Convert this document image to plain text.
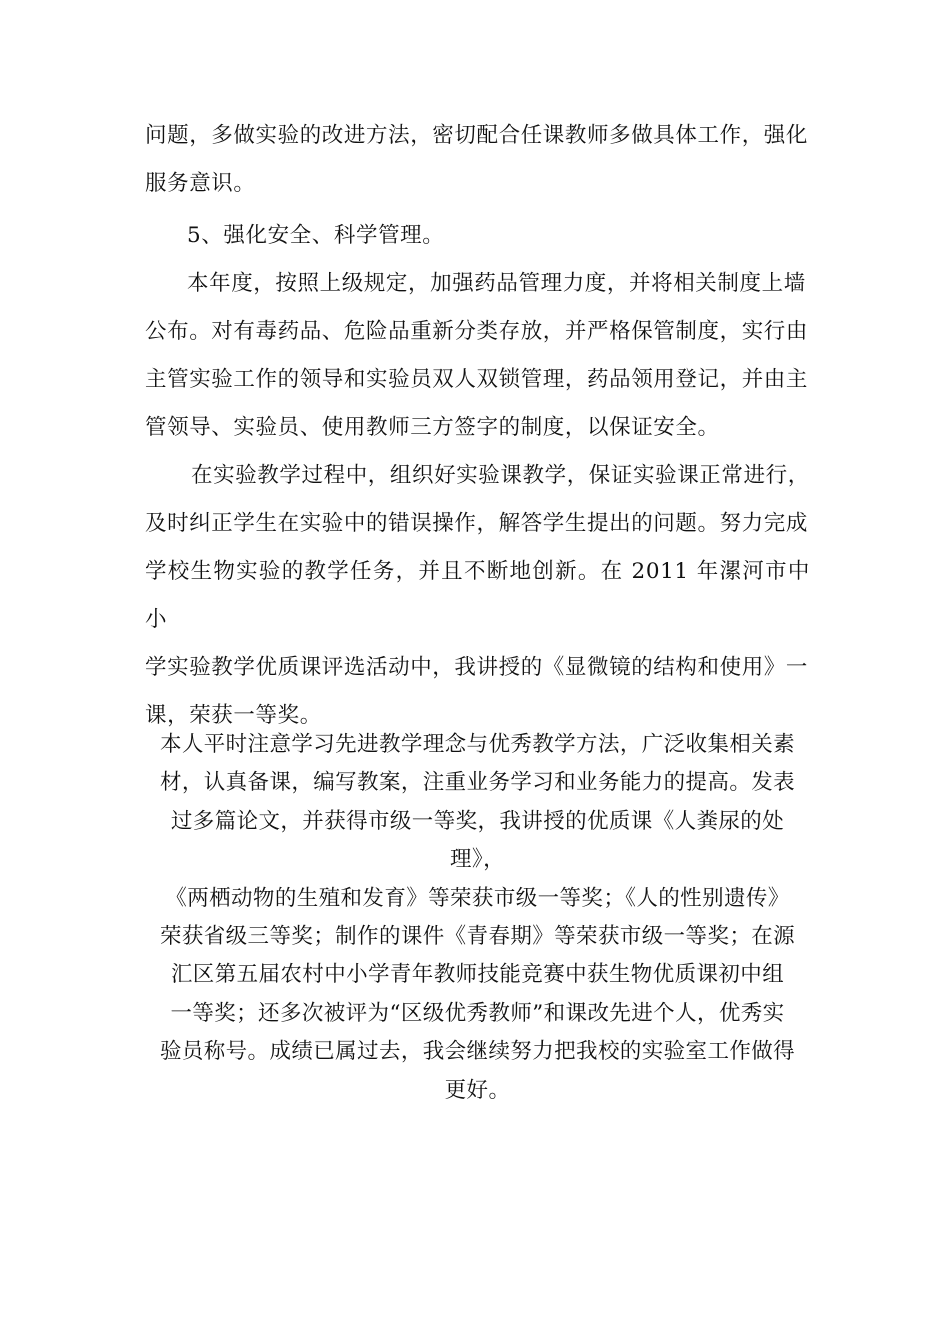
问题，多做实验的改进方法，密切配合任课教师多做具体工作，强化

服务意识。

5、强化安全、科学管理。

本年度，按照上级规定，加强药品管理力度，并将相关制度上墙

公布。对有毒药品、危险品重新分类存放，并严格保管制度，实行由

主管实验工作的领导和实验员双人双锁管理，药品领用登记，并由主

管领导、实验员、使用教师三方签字的制度，以保证安全。

在实验教学过程中，组织好实验课教学，保证实验课正常进行，

及时纠正学生在实验中的错误操作，解答学生提出的问题。努力完成

学校生物实验的教学任务，并且不断地创新。在 2011 年漯河市中小

学实验教学优质课评选活动中，我讲授的《显微镜的结构和使用》一

课，荣获一等奖。

本人平时注意学习先进教学理念与优秀教学方法，广泛收集相关素

材，认真备课，编写教案，注重业务学习和业务能力的提高。发表

过多篇论文，并获得市级一等奖，我讲授的优质课《人粪尿的处理》，

《两栖动物的生殖和发育》等荣获市级一等奖；《人的性别遗传》

荣获省级三等奖；制作的课件《青春期》等荣获市级一等奖；在源

汇区第五届农村中小学青年教师技能竞赛中获生物优质课初中组

一等奖；还多次被评为“区级优秀教师”和课改先进个人，优秀实

验员称号。成绩已属过去，我会继续努力把我校的实验室工作做得

更好。
